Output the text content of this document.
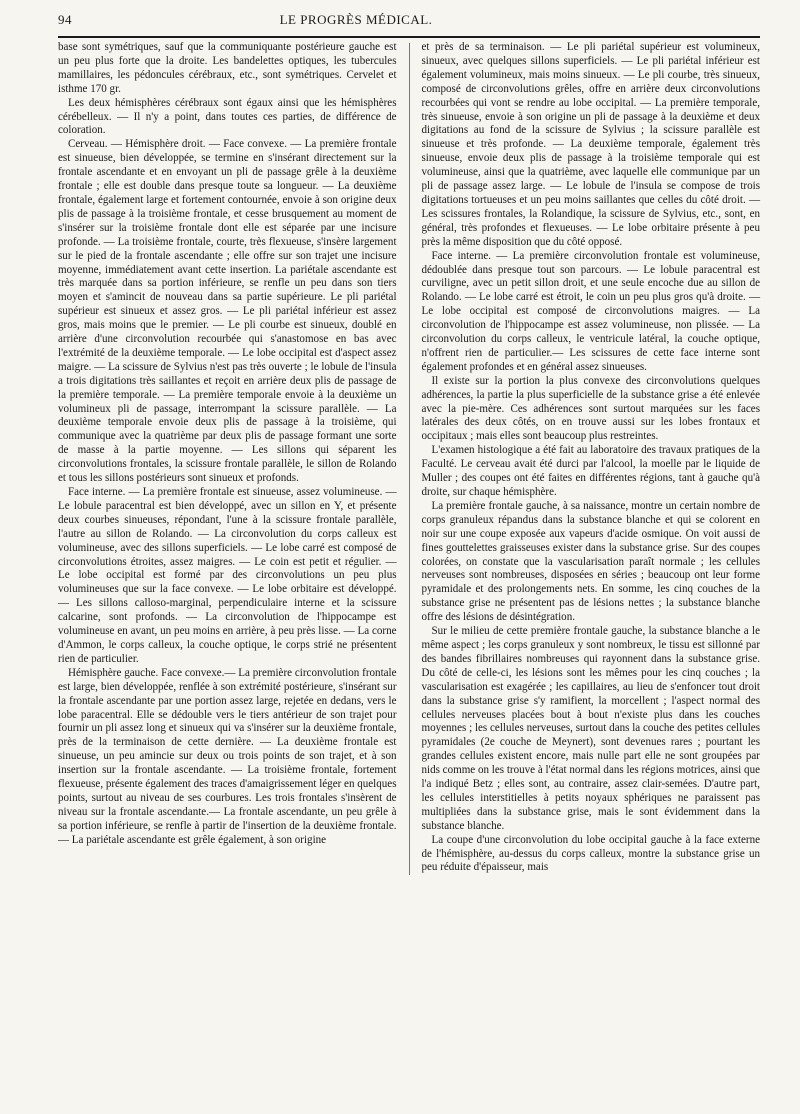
94	LE PROGRÈS MÉDICAL.

base sont symétriques, sauf que la communiquante postérieure gauche est un peu plus forte que la droite. Les bandelettes optiques, les tubercules mamillaires, les pédoncules cérébraux, etc., sont symétriques. Cervelet et isthme 170 gr.

Les deux hémisphères cérébraux sont égaux ainsi que les hémisphères cérébelleux. — Il n'y a point, dans toutes ces parties, de différence de coloration.

Cerveau. — Hémisphère droit. — Face convexe. — La première frontale est sinueuse, bien développée, se termine en s'insérant directement sur la frontale ascendante et en envoyant un pli de passage grêle à la deuxième frontale ; elle est double dans presque toute sa longueur. — La deuxième frontale, également large et fortement contournée, envoie à son origine deux plis de passage à la troisième frontale, et cesse brusquement au moment de s'insérer sur la troisième frontale dont elle est séparée par une incisure profonde. — La troisième frontale, courte, très flexueuse, s'insère largement sur le pied de la frontale ascendante ; elle offre sur son trajet une incisure moyenne, immédiatement avant cette insertion. La pariétale ascendante est très marquée dans sa portion inférieure, se renfle un peu dans son tiers moyen et s'amincit de nouveau dans sa partie supérieure. Le pli pariétal supérieur est sinueux et assez gros. — Le pli pariétal inférieur est assez gros, mais moins que le premier. — Le pli courbe est sinueux, doublé en arrière d'une circonvolution recourbée qui s'anastomose en bas avec l'extrémité de la deuxième temporale. — Le lobe occipital est d'aspect assez maigre. — La scissure de Sylvius n'est pas très ouverte ; le lobule de l'insula a trois digitations très saillantes et reçoit en arrière deux plis de passage de la première temporale. — La première temporale envoie à la deuxième un volumineux pli de passage, interrompant la scissure parallèle. — La deuxième temporale envoie deux plis de passage à la troisième, qui communique avec la quatrième par deux plis de passage formant une sorte de masse à la partie moyenne. — Les sillons qui séparent les circonvolutions frontales, la scissure frontale parallèle, le sillon de Rolando et tous les sillons postérieurs sont sinueux et profonds.

Face interne. — La première frontale est sinueuse, assez volumineuse. — Le lobule paracentral est bien développé, avec un sillon en Y, et présente deux courbes sinueuses, répondant, l'une à la scissure frontale parallèle, l'autre au sillon de Rolando. — La circonvolution du corps calleux est volumineuse, avec des sillons superficiels. — Le lobe carré est composé de circonvolutions étroites, assez maigres. — Le coin est petit et régulier. — Le lobe occipital est formé par des circonvolutions un peu plus volumineuses que sur la face convexe. — Le lobe orbitaire est développé. — Les sillons calloso-marginal, perpendiculaire interne et la scissure calcarine, sont profonds. — La circonvolution de l'hippocampe est volumineuse en avant, un peu moins en arrière, à peu près lisse. — La corne d'Ammon, le corps calleux, la couche optique, le corps strié ne présentent rien de particulier.

Hémisphère gauche. Face convexe.— La première circonvolution frontale est large, bien développée, renflée à son extrémité postérieure, s'insérant sur la frontale ascendante par une portion assez large, rejetée en dedans, vers le lobe paracentral. Elle se dédouble vers le tiers antérieur de son trajet pour fournir un pli assez long et sinueux qui va s'insérer sur la deuxième frontale, près de la terminaison de cette dernière. — La deuxième frontale est sinueuse, un peu amincie sur deux ou trois points de son trajet, et à son insertion sur la frontale ascendante. — La troisième frontale, fortement flexueuse, présente également des traces d'amaigrissement léger en quelques points, surtout au niveau de ses courbures. Les trois frontales s'insèrent de niveau sur la frontale ascendante.— La frontale ascendante, un peu grêle à sa portion inférieure, se renfle à partir de l'insertion de la deuxième frontale. — La pariétale ascendante est grêle également, à son origine

et près de sa terminaison. — Le pli pariétal supérieur est volumineux, sinueux, avec quelques sillons superficiels. — Le pli pariétal inférieur est également volumineux, mais moins sinueux. — Le pli courbe, très sinueux, composé de circonvolutions grêles, offre en arrière deux circonvolutions recourbées qui vont se rendre au lobe occipital. — La première temporale, très sinueuse, envoie à son origine un pli de passage à la deuxième et deux digitations au fond de la scissure de Sylvius ; la scissure parallèle est sinueuse et très profonde. — La deuxième temporale, également très sinueuse, envoie deux plis de passage à la troisième temporale qui est volumineuse, ainsi que la quatrième, avec laquelle elle communique par un pli de passage assez large. — Le lobule de l'insula se compose de trois digitations tortueuses et un peu moins saillantes que celles du côté droit. — Les scissures frontales, la Rolandique, la scissure de Sylvius, etc., sont, en général, très profondes et flexueuses. — Le lobe orbitaire présente à peu près la même disposition que du côté opposé.

Face interne. — La première circonvolution frontale est volumineuse, dédoublée dans presque tout son parcours. — Le lobule paracentral est curviligne, avec un petit sillon droit, et une seule encoche due au sillon de Rolando. — Le lobe carré est étroit, le coin un peu plus gros qu'à droite. — Le lobe occipital est composé de circonvolutions maigres. — La circonvolution de l'hippocampe est assez volumineuse, non plissée. — La circonvolution du corps calleux, le ventricule latéral, la couche optique, n'offrent rien de particulier.— Les scissures de cette face interne sont également profondes et en général assez sinueuses.

Il existe sur la portion la plus convexe des circonvolutions quelques adhérences, la partie la plus superficielle de la substance grise a été enlevée avec la pie-mère. Ces adhérences sont surtout marquées sur les faces latérales des deux côtés, on en trouve aussi sur les lobes frontaux et occipitaux ; mais elles sont beaucoup plus restreintes.

L'examen histologique a été fait au laboratoire des travaux pratiques de la Faculté. Le cerveau avait été durci par l'alcool, la moelle par le liquide de Muller ; des coupes ont été faites en différentes régions, tant à gauche qu'à droite, sur chaque hémisphère.

La première frontale gauche, à sa naissance, montre un certain nombre de corps granuleux répandus dans la substance blanche et qui se colorent en noir sur une coupe exposée aux vapeurs d'acide osmique. On voit aussi de fines gouttelettes graisseuses exister dans la substance grise. Sur des coupes colorées, on constate que la vascularisation paraît normale ; les cellules nerveuses sont nombreuses, disposées en séries ; beaucoup ont leur forme pyramidale et des prolongements nets. En somme, les cinq couches de la substance grise ne présentent pas de lésions nettes ; la substance blanche offre des lésions de désintégration.

Sur le milieu de cette première frontale gauche, la substance blanche a le même aspect ; les corps granuleux y sont nombreux, le tissu est sillonné par des bandes fibrillaires nombreuses qui rayonnent dans la substance grise. Du côté de celle-ci, les lésions sont les mêmes pour les cinq couches ; la vascularisation est exagérée ; les capillaires, au lieu de s'enfoncer tout droit dans la substance grise s'y ramifient, la morcellent ; l'aspect normal des cellules nerveuses placées bout à bout n'existe plus dans les couches moyennes ; les cellules nerveuses, surtout dans la couche des petites cellules pyramidales (2e couche de Meynert), sont devenues rares ; pourtant les grandes cellules existent encore, mais nulle part elle ne sont groupées par nids comme on les trouve à l'état normal dans les régions motrices, ainsi que l'a indiqué Betz ; elles sont, au contraire, assez clair-semées. D'autre part, les cellules interstitielles à petits noyaux sphériques ne paraissent pas multipliées dans la substance grise, mais le sont évidemment dans la substance blanche.

La coupe d'une circonvolution du lobe occipital gauche à la face externe de l'hémisphère, au-dessus du corps calleux, montre la substance grise un peu réduite d'épaisseur, mais
